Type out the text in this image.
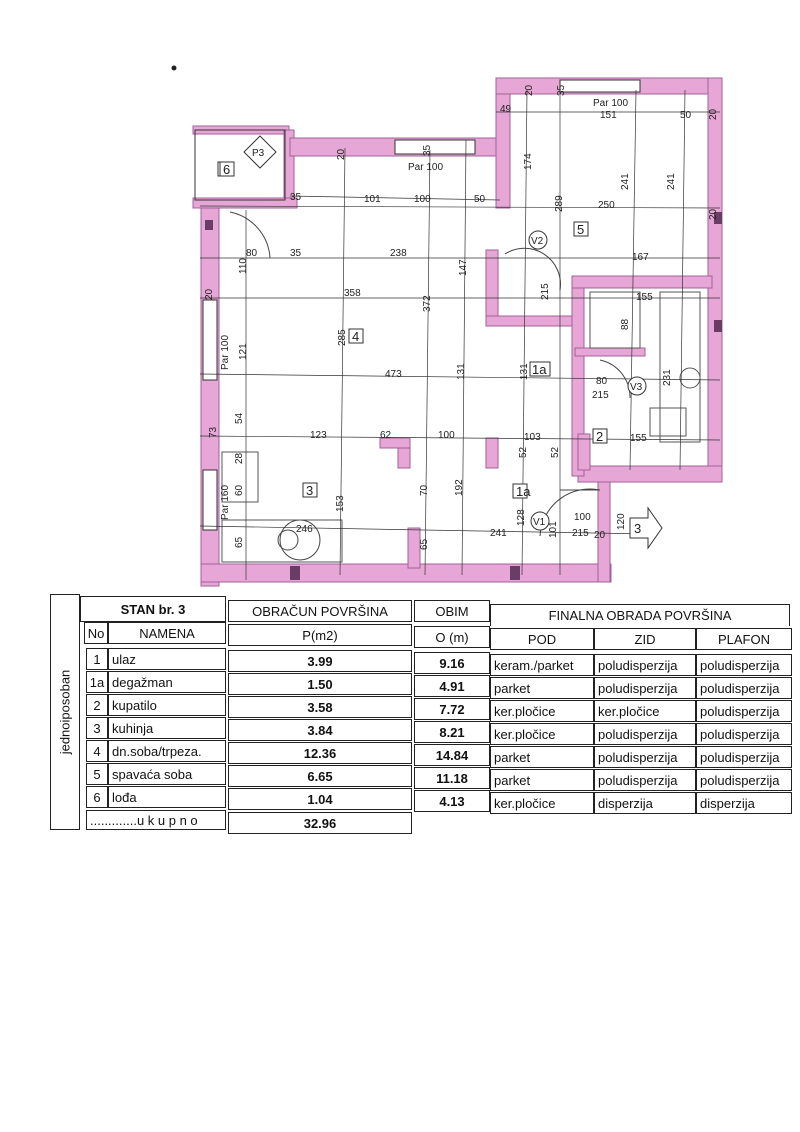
4
5
3	1a
1a
2
6
V2
V1
V3
P3
3
Par 100
Par 100
Par 100
Par 160
49
151	50
101	100	50
250
238
35	167
358	155
473
123	62	100	103
80
155
246	241
100
215 20
174
289
241	241
285
372
147
131	131
153
70 192
128
101
52 52
88
231
121
54
73
28
60
65	65
120
110
80
215
215
20 35
20	35
20
20
35
20
jednoiposoban
STAN br. 3	OBRAČUN POVRŠINA	OBIM	FINALNA OBRADA POVRŠINA
No	NAMENA	P(m2)	O (m)	POD	ZID	PLAFON
1 ulaz	3.99	9.16	keram./parket	poludisperzija	poludisperzija
1a degažman	1.50	4.91	parket	poludisperzija	poludisperzija
2 kupatilo	3.58	7.72	ker.pločice	ker.pločice	poludisperzija
3 kuhinja	3.84	8.21	ker.pločice	poludisperzija	poludisperzija
4 dn.soba/trpeza.	12.36	14.84	parket	poludisperzija	poludisperzija
5 spavaća soba	6.65	11.18	parket	poludisperzija	poludisperzija
6 lođa	1.04	4.13	ker.pločice	disperzija	disperzija
.............u k u p n o	32.96
